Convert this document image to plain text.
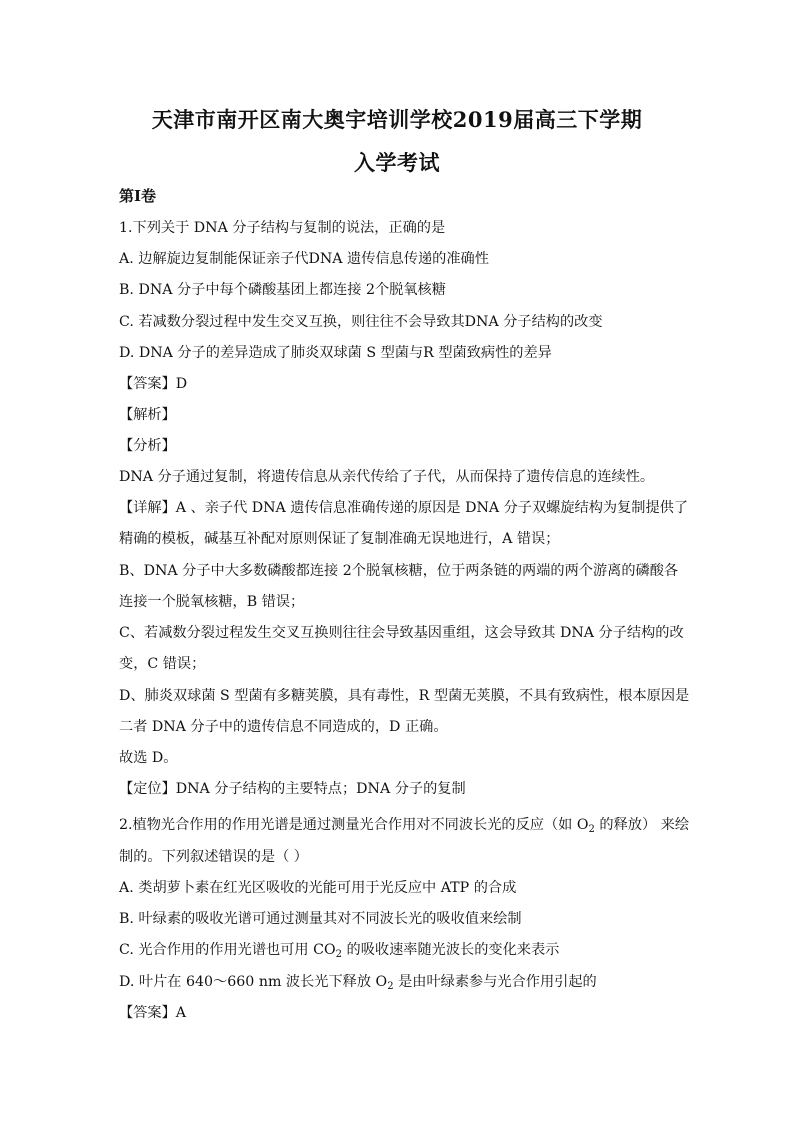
天津市南开区南大奥宇培训学校2019届高三下学期
入学考试
第I卷
1.下列关于 DNA 分子结构与复制的说法，正确的是
A. 边解旋边复制能保证亲子代DNA 遗传信息传递的准确性
B. DNA 分子中每个磷酸基团上都连接 2个脱氧核糖
C. 若减数分裂过程中发生交叉互换，则往往不会导致其DNA 分子结构的改变
D. DNA 分子的差异造成了肺炎双球菌 S 型菌与R 型菌致病性的差异
【答案】D
【解析】
【分析】
DNA 分子通过复制，将遗传信息从亲代传给了子代，从而保持了遗传信息的连续性。
【详解】A 、亲子代 DNA 遗传信息准确传递的原因是 DNA 分子双螺旋结构为复制提供了
精确的模板，碱基互补配对原则保证了复制准确无误地进行，A 错误；
B、DNA 分子中大多数磷酸都连接 2个脱氧核糖，位于两条链的两端的两个游离的磷酸各
连接一个脱氧核糖，B 错误；
C、若减数分裂过程发生交叉互换则往往会导致基因重组，这会导致其 DNA 分子结构的改
变，C 错误；
D、肺炎双球菌 S 型菌有多糖荚膜，具有毒性，R 型菌无荚膜，不具有致病性，根本原因是
二者 DNA 分子中的遗传信息不同造成的，D 正确。
故选 D。
【定位】DNA 分子结构的主要特点；DNA 分子的复制
2.植物光合作用的作用光谱是通过测量光合作用对不同波长光的反应（如 $O_2$ 的释放） 来绘
制的。下列叙述错误的是（ ）
A. 类胡萝卜素在红光区吸收的光能可用于光反应中 ATP 的合成
B. 叶绿素的吸收光谱可通过测量其对不同波长光的吸收值来绘制
C. 光合作用的作用光谱也可用 $CO_2$ 的吸收速率随光波长的变化来表示
D. 叶片在 640～660 nm 波长光下释放 $O_2$ 是由叶绿素参与光合作用引起的
【答案】A
